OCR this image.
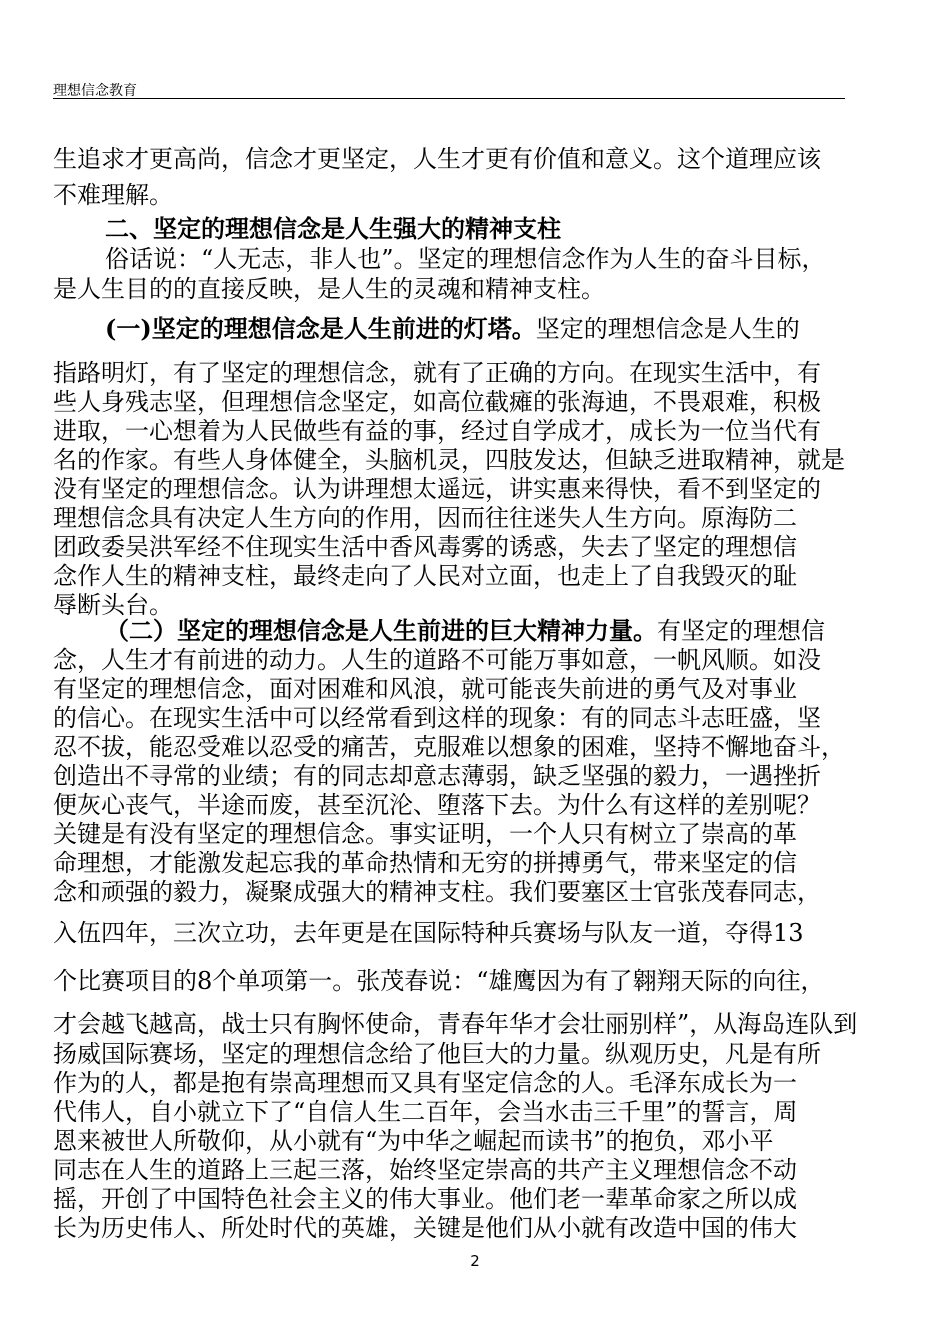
理想信念教育
生追求才更高尚，信念才更坚定，人生才更有价值和意义。这个道理应该
不难理解。
二、坚定的理想信念是人生强大的精神支柱
俗话说：“人无志，非人也”。坚定的理想信念作为人生的奋斗目标，
是人生目的的直接反映，是人生的灵魂和精神支柱。
(一)坚定的理想信念是人生前进的灯塔。坚定的理想信念是人生的
指路明灯，有了坚定的理想信念，就有了正确的方向。在现实生活中，有
些人身残志坚，但理想信念坚定，如高位截瘫的张海迪，不畏艰难，积极
进取，一心想着为人民做些有益的事，经过自学成才，成长为一位当代有
名的作家。有些人身体健全，头脑机灵，四肢发达，但缺乏进取精神，就是
没有坚定的理想信念。认为讲理想太遥远，讲实惠来得快，看不到坚定的
理想信念具有决定人生方向的作用，因而往往迷失人生方向。原海防二
团政委吴洪军经不住现实生活中香风毒雾的诱惑，失去了坚定的理想信
念作人生的精神支柱，最终走向了人民对立面，也走上了自我毁灭的耻
辱断头台。
（二）坚定的理想信念是人生前进的巨大精神力量。有坚定的理想信
念，人生才有前进的动力。人生的道路不可能万事如意，一帆风顺。如没
有坚定的理想信念，面对困难和风浪，就可能丧失前进的勇气及对事业
的信心。在现实生活中可以经常看到这样的现象：有的同志斗志旺盛，坚
忍不拔，能忍受难以忍受的痛苦，克服难以想象的困难，坚持不懈地奋斗，
创造出不寻常的业绩；有的同志却意志薄弱，缺乏坚强的毅力，一遇挫折
便灰心丧气，半途而废，甚至沉沦、堕落下去。为什么有这样的差别呢？
关键是有没有坚定的理想信念。事实证明，一个人只有树立了崇高的革
命理想，才能激发起忘我的革命热情和无穷的拼搏勇气，带来坚定的信
念和顽强的毅力，凝聚成强大的精神支柱。我们要塞区士官张茂春同志，
入伍四年，三次立功，去年更是在国际特种兵赛场与队友一道，夺得13
个比赛项目的8个单项第一。张茂春说：“雄鹰因为有了翱翔天际的向往，
才会越飞越高，战士只有胸怀使命，青春年华才会壮丽别样”，从海岛连队到
扬威国际赛场，坚定的理想信念给了他巨大的力量。纵观历史，凡是有所
作为的人，都是抱有崇高理想而又具有坚定信念的人。毛泽东成长为一
代伟人，自小就立下了“自信人生二百年，会当水击三千里”的誓言，周
恩来被世人所敬仰，从小就有“为中华之崛起而读书”的抱负，邓小平
同志在人生的道路上三起三落，始终坚定崇高的共产主义理想信念不动
摇，开创了中国特色社会主义的伟大事业。他们老一辈革命家之所以成
长为历史伟人、所处时代的英雄，关键是他们从小就有改造中国的伟大
2
